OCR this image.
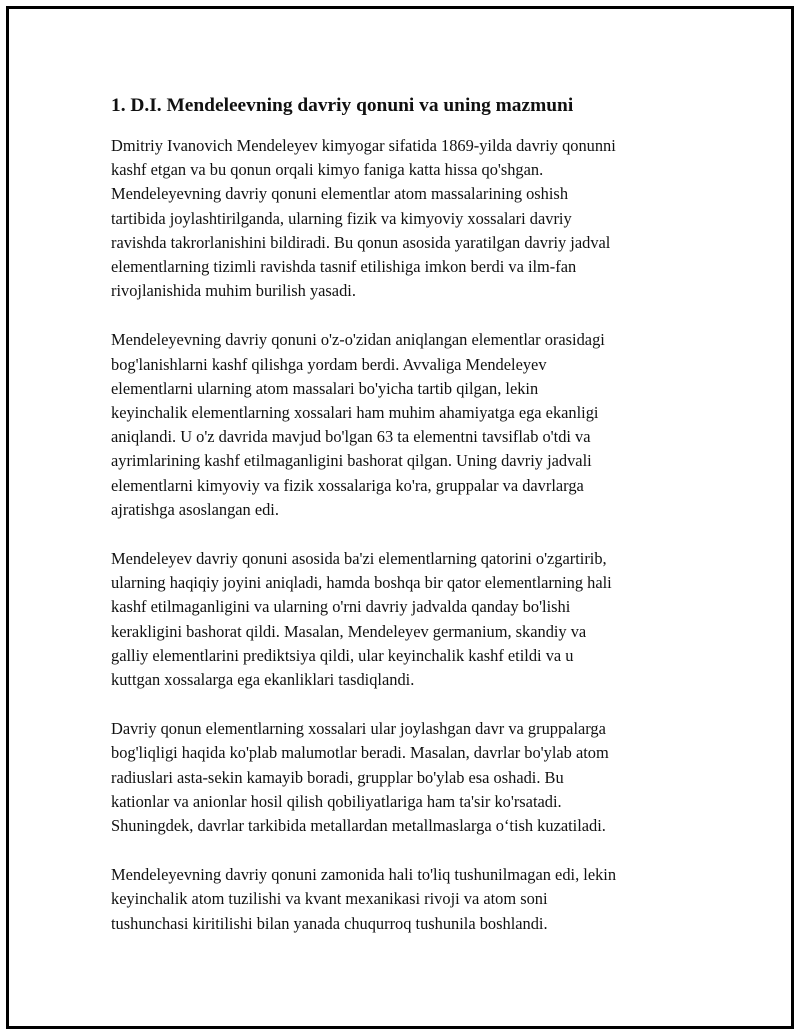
1. D.I. Mendeleevning davriy qonuni va uning mazmuni

Dmitriy Ivanovich Mendeleyev kimyogar sifatida 1869-yilda davriy qonunni
kashf etgan va bu qonun orqali kimyo faniga katta hissa qo'shgan.
Mendeleyevning davriy qonuni elementlar atom massalarining oshish
tartibida joylashtirilganda, ularning fizik va kimyoviy xossalari davriy
ravishda takrorlanishini bildiradi. Bu qonun asosida yaratilgan davriy jadval
elementlarning tizimli ravishda tasnif etilishiga imkon berdi va ilm-fan
rivojlanishida muhim burilish yasadi.

Mendeleyevning davriy qonuni o'z-o'zidan aniqlangan elementlar orasidagi
bog'lanishlarni kashf qilishga yordam berdi. Avvaliga Mendeleyev
elementlarni ularning atom massalari bo'yicha tartib qilgan, lekin
keyinchalik elementlarning xossalari ham muhim ahamiyatga ega ekanligi
aniqlandi. U o'z davrida mavjud bo'lgan 63 ta elementni tavsiflab o'tdi va
ayrimlarining kashf etilmaganligini bashorat qilgan. Uning davriy jadvali
elementlarni kimyoviy va fizik xossalariga ko'ra, gruppalar va davrlarga
ajratishga asoslangan edi.

Mendeleyev davriy qonuni asosida ba'zi elementlarning qatorini o'zgartirib,
ularning haqiqiy joyini aniqladi, hamda boshqa bir qator elementlarning hali
kashf etilmaganligini va ularning o'rni davriy jadvalda qanday bo'lishi
kerakligini bashorat qildi. Masalan, Mendeleyev germanium, skandiy va
galliy elementlarini prediktsiya qildi, ular keyinchalik kashf etildi va u
kuttgan xossalarga ega ekanliklari tasdiqlandi.

Davriy qonun elementlarning xossalari ular joylashgan davr va gruppalarga
bog'liqligi haqida ko'plab malumotlar beradi. Masalan, davrlar bo'ylab atom
radiuslari asta-sekin kamayib boradi, grupplar bo'ylab esa oshadi. Bu
kationlar va anionlar hosil qilish qobiliyatlariga ham ta'sir ko'rsatadi.
Shuningdek, davrlar tarkibida metallardan metallmaslarga o‘tish kuzatiladi.

Mendeleyevning davriy qonuni zamonida hali to'liq tushunilmagan edi, lekin
keyinchalik atom tuzilishi va kvant mexanikasi rivoji va atom soni
tushunchasi kiritilishi bilan yanada chuqurroq tushunila boshlandi.
